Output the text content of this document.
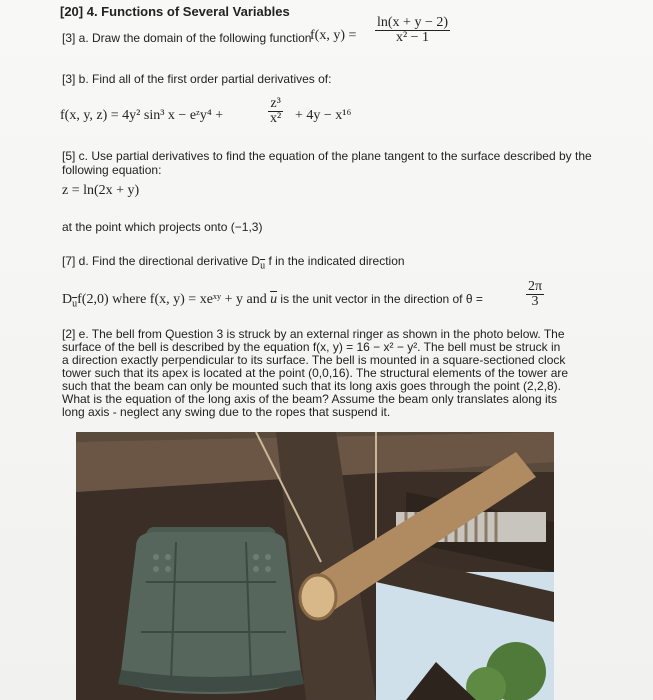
[20] 4. Functions of Several Variables
[3] a. Draw the domain of the following function
f(x, $y) = \frac{\ln(x + y - 2)}{\text{x² − 1}}$
[3] b. Find all of the first order partial derivatives of:
f(x, y, z) = 4y² sin³ x − eᶻy⁴ +	$\frac{\text{z³}}{\text{x²}} + 4y - x^{16}$
[5] c. Use partial derivatives to find the equation of the plane tangent to the surface described by the following equation:
z = ln(2x + y)
at the point which projects onto (−1,3)
[7] d. Find the directional derivative $D_{\overline{u}}$ f in the indicated direction
$D_{\overline{u}}f(2,0)$ where f(x, y) = xeˣʸ + y and $\overline{u}$ is the unit vector in the direction of θ =	$\frac{2\pi}{3}$
[2] e. The bell from Question 3 is struck by an external ringer as shown in the photo below. The
surface of the bell is described by the equation f(x, y) = 16 − x² − y². The bell must be struck in
a direction exactly perpendicular to its surface. The bell is mounted in a square-sectioned clock
tower such that its apex is located at the point (0,0,16). The structural elements of the tower are
such that the beam can only be mounted such that its long axis goes through the point (2,2,8).
What is the equation of the long axis of the beam? Assume the beam only translates along its
long axis - neglect any swing due to the ropes that suspend it.
